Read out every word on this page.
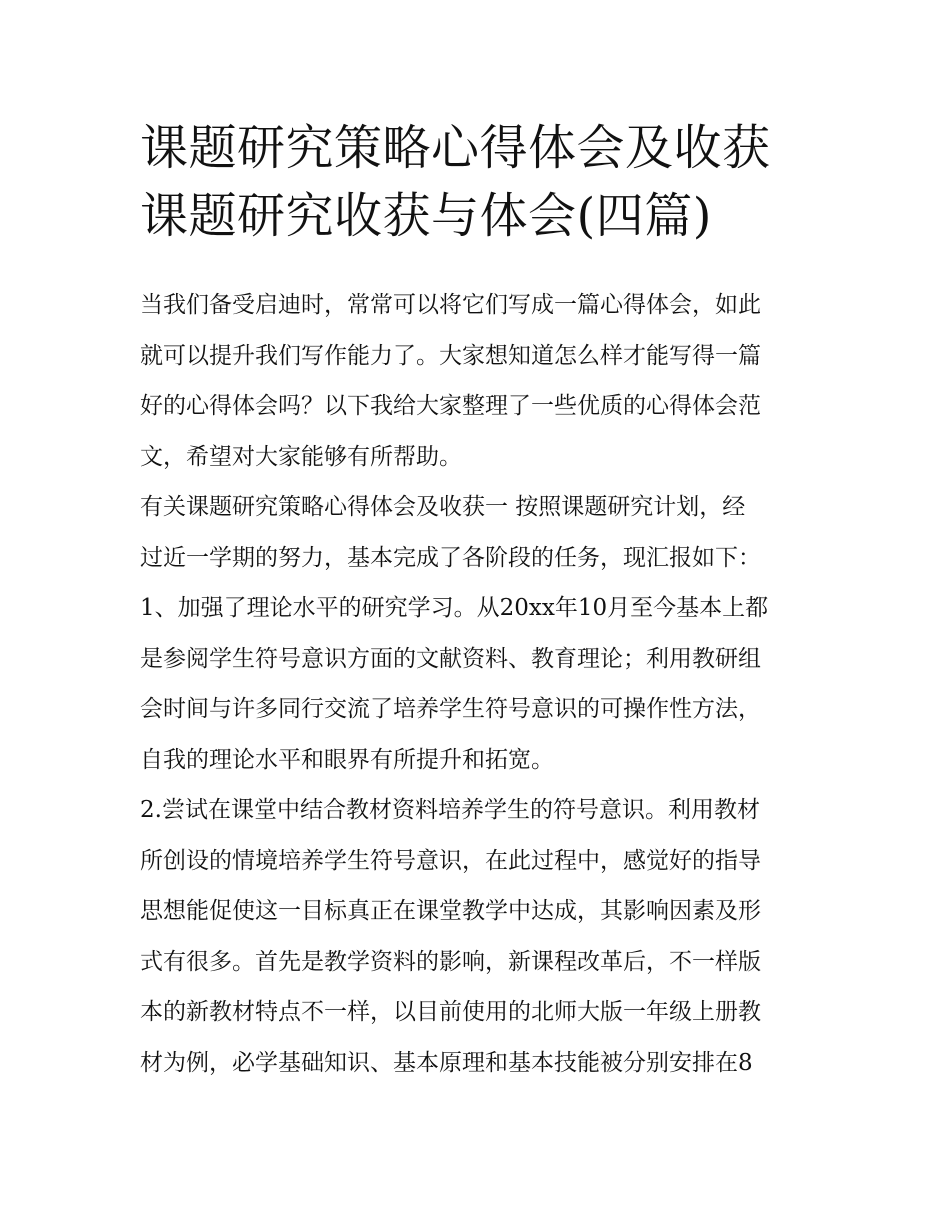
课题研究策略心得体会及收获
课题研究收获与体会(四篇)

当我们备受启迪时，常常可以将它们写成一篇心得体会，如此
就可以提升我们写作能力了。大家想知道怎么样才能写得一篇
好的心得体会吗？以下我给大家整理了一些优质的心得体会范
文，希望对大家能够有所帮助。

有关课题研究策略心得体会及收获一 按照课题研究计划，经
过近一学期的努力，基本完成了各阶段的任务，现汇报如下：

1、加强了理论水平的研究学习。从20xx年10月至今基本上都
是参阅学生符号意识方面的文献资料、教育理论；利用教研组
会时间与许多同行交流了培养学生符号意识的可操作性方法，
自我的理论水平和眼界有所提升和拓宽。

2.尝试在课堂中结合教材资料培养学生的符号意识。利用教材
所创设的情境培养学生符号意识，在此过程中，感觉好的指导
思想能促使这一目标真正在课堂教学中达成，其影响因素及形
式有很多。首先是教学资料的影响，新课程改革后，不一样版
本的新教材特点不一样，以目前使用的北师大版一年级上册教
材为例，必学基础知识、基本原理和基本技能被分别安排在8
